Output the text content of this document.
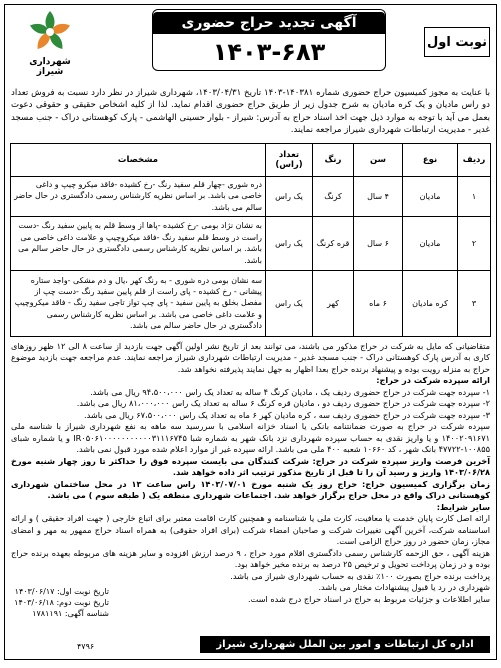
نوبت اول
آگهی تجدید حراج حضوری
۱۴۰۳-۶۸۳
شهرداری شیراز
با عنایت به مجوز کمیسیون حراج حضوری شماره ۱۴۰۳۸۱-۱۴۰۳ تاریخ ۱۴۰۳/۰۴/۳۱، شهرداری شیراز در نظر دارد نسبت به فروش تعداد دو راس مادیان و یک کره مادیان به شرح جدول زیر از طریق حراج حضوری اقدام نماید. لذا از کلیه اشخاص حقیقی و حقوقی دعوت بعمل می آید با توجه به موارد ذیل جهت اخذ اسناد حراج به آدرس: شیراز - بلوار حسینی الهاشمی - پارک کوهستانی دراک - جنب مسجد غدیر - مدیریت ارتباطات شهرداری شیراز مراجعه نمایند.
ردیف	نوع	سن	رنگ	تعداد (راس)	مشخصات
۱	مادیان	۴ سال	کرنگ	یک راس	دره شوری -چهار قلم سفید رنگ -رخ کشیده -فاقد میکرو چیپ و داغی خاصی می باشد. بر اساس نظریه کارشناس رسمی دادگستری در حال حاضر سالم می باشد.
۲	مادیان	۶ سال	قره کرنگ	یک راس	به نشان نژاد بومی -رخ کشیده -پاها از وسط قلم به پایین سفید رنگ -دست راست در وسط قلم سفید رنگ -فاقد میکروچیپ و علامت داغی خاصی می باشد. بر اساس نظریه کارشناس رسمی دادگستری در حال حاضر سالم می باشد.
۳	کره مادیان	۶ ماه	کهر	یک راس	سه نشان بومی دره شوری - به رنگ کهر ،یال و دم مشکی -واجد ستاره پیشانی - رخ کشیده - پای راست از قلم پایین سفید رنگ -دست چپ از مفصل بخلق به پایین سفید - پای چپ تواز تاجی سفید رنگ - فاقد میکروچیپ و علامت داغی خاصی می باشد. بر اساس نظریه کارشناس رسمی دادگستری در حال حاضر سالم می باشد.

متقاضیانی که مایل به شرکت در حراج مذکور می باشند، می توانند بعد از تاریخ نشر اولین آگهی جهت بازدید از ساعت ۸ الی ۱۲ ظهر روزهای کاری به آدرس پارک کوهستانی دراک - جنب مسجد غدیر - مدیریت ارتباطات شهرداری شیراز مراجعه نمایند. عدم مراجعه جهت بازدید موضوع حراج به منزله رویت بوده و پیشنهاد برنده حراج بعدا اظهار به جهل نمایند پذیرفته نخواهد شد.

ارائه سپرده شرکت در حراج:

۱- سپرده جهت شرکت در حراج حضوری ردیف یک ، مادیان کرنگ ۴ ساله به تعداد یک راس ۹۴،۵۰۰،۰۰۰ ریال می باشد.

۲- سپرده جهت شرکت در حراج حضوری ردیف دو ، مادیان قره کرنگ ۶ ساله به تعداد یک راس ۸۱،۰۰۰،۰۰۰ ریال می باشد.

۳- سپرده جهت شرکت در حراج حضوری ردیف سه ، کره مادیان کهر ۶ ماه به تعداد یک راس ۶۷،۵۰۰،۰۰۰ ریال می باشد.

سپرده شرکت در حراج به صورت ضمانتنامه بانکی یا اسناد خزانه اسلامی با سررسید سه ماهه به نفع شهرداری شیراز با شناسه ملی ۱۴۰۰۲۰۹۱۶۷۱ و یا واریز نقدی به حساب سپرده شهرداری نزد بانک شهر به شماره شبا IR۰۵۰۶۱۰۰۰۰۰۰۰۰۰۰۰۳۱۱۱۶۷۴۵ و یا شماره شبای ۱۰۰۸۵۵-۴۷۷۲۲ بانک شهر ، کد ۱۰۶۶۰ شعبه ۴۰۰ ملی می باشد. ارائه سپرده غیر از موارد اعلام شده مورد قبول نمی باشد.

آخرین فرصت واریز سپرده شرکت در حراج: شرکت کنندگان می بایست سپرده فوق را حداکثر تا روز چهار شنبه مورخ ۱۴۰۳/۰۶/۲۸ واریز و رسید آن را تا قبل از تاریخ مذکور ترتیب اثر داده خواهد شد.

زمان برگزاری کمیسیون حراج: حراج روز یک شنبه مورخ ۱۴۰۳/۰۷/۰۱ راس ساعت ۱۳ در محل ساختمان شهرداری کوهستانی دراک واقع در محل حراج برگزار خواهد شد. اجتماعات شهرداری منطقه یک ( طبقه سوم ) می باشد.

سایر شرایط:

ارائه اصل کارت پایان خدمت یا معافیت، کارت ملی یا شناسنامه و همچنین کارت اقامت معتبر برای اتباع خارجی ( جهت افراد حقیقی ) و ارائه اساسنامه شرکت، آخرین آگهی تغییرات شرکت و صاحبان امضاء شرکت (برای افراد حقوقی) به همراه اسناد حراج ممهور به مهر و امضای مجاز، زمان حضور در روز حراج الزامی است.

هزینه آگهی ، حق الزحمه کارشناس رسمی دادگستری اقلام مورد حراج ، ۹ درصد ارزش افزوده و سایر هزینه های مربوطه بعهده برنده حراج بوده و در زمان پرداخت تحویل و ترخیص ۲۵ درصد به برنده مخیر خواهد بود.

پرداخت برنده حراج بصورت ۱۰۰٪ نقدی به حساب شهرداری شیراز می باشد.

شهرداری در رد یا قبول پیشنهادات مختار می باشد.

سایر اطلاعات و جزئیات مربوط به حراج در اسناد حراج درج شده است.

تاریخ نوبت اول: ۱۴۰۳/۰۶/۱۷
تاریخ نوبت دوم: ۱۴۰۳/۰۶/۱۸
شناسه آگهی: ۱۷۸۱۱۹۱
۴۷۹۶	اداره کل ارتباطات و امور بین الملل شهرداری شیراز
